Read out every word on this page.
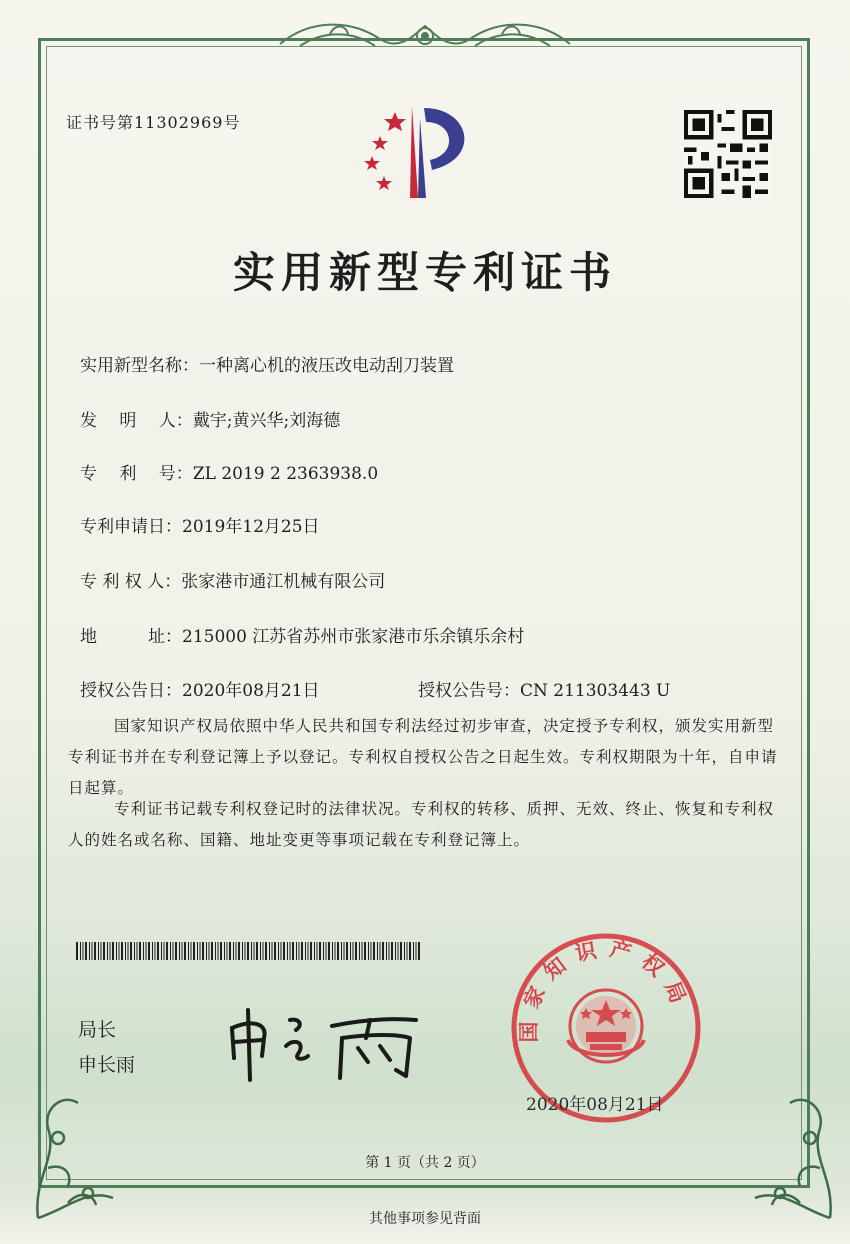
证书号第11302969号
实用新型专利证书
实用新型名称：一种离心机的液压改电动刮刀装置
发　 明　 人：戴宇;黄兴华;刘海德
专　 利　 号：ZL 2019 2 2363938.0
专利申请日：2019年12月25日
专 利 权 人：张家港市通江机械有限公司
地　　　址：215000 江苏省苏州市张家港市乐余镇乐余村
授权公告日：2020年08月21日	授权公告号：CN 211303443 U
国家知识产权局依照中华人民共和国专利法经过初步审查，决定授予专利权，颁发实用新型专利证书并在专利登记簿上予以登记。专利权自授权公告之日起生效。专利权期限为十年，自申请日起算。
专利证书记载专利权登记时的法律状况。专利权的转移、质押、无效、终止、恢复和专利权人的姓名或名称、国籍、地址变更等事项记载在专利登记簿上。
局长
申长雨
国家知识产权局
2020年08月21日
第 1 页（共 2 页）
其他事项参见背面
